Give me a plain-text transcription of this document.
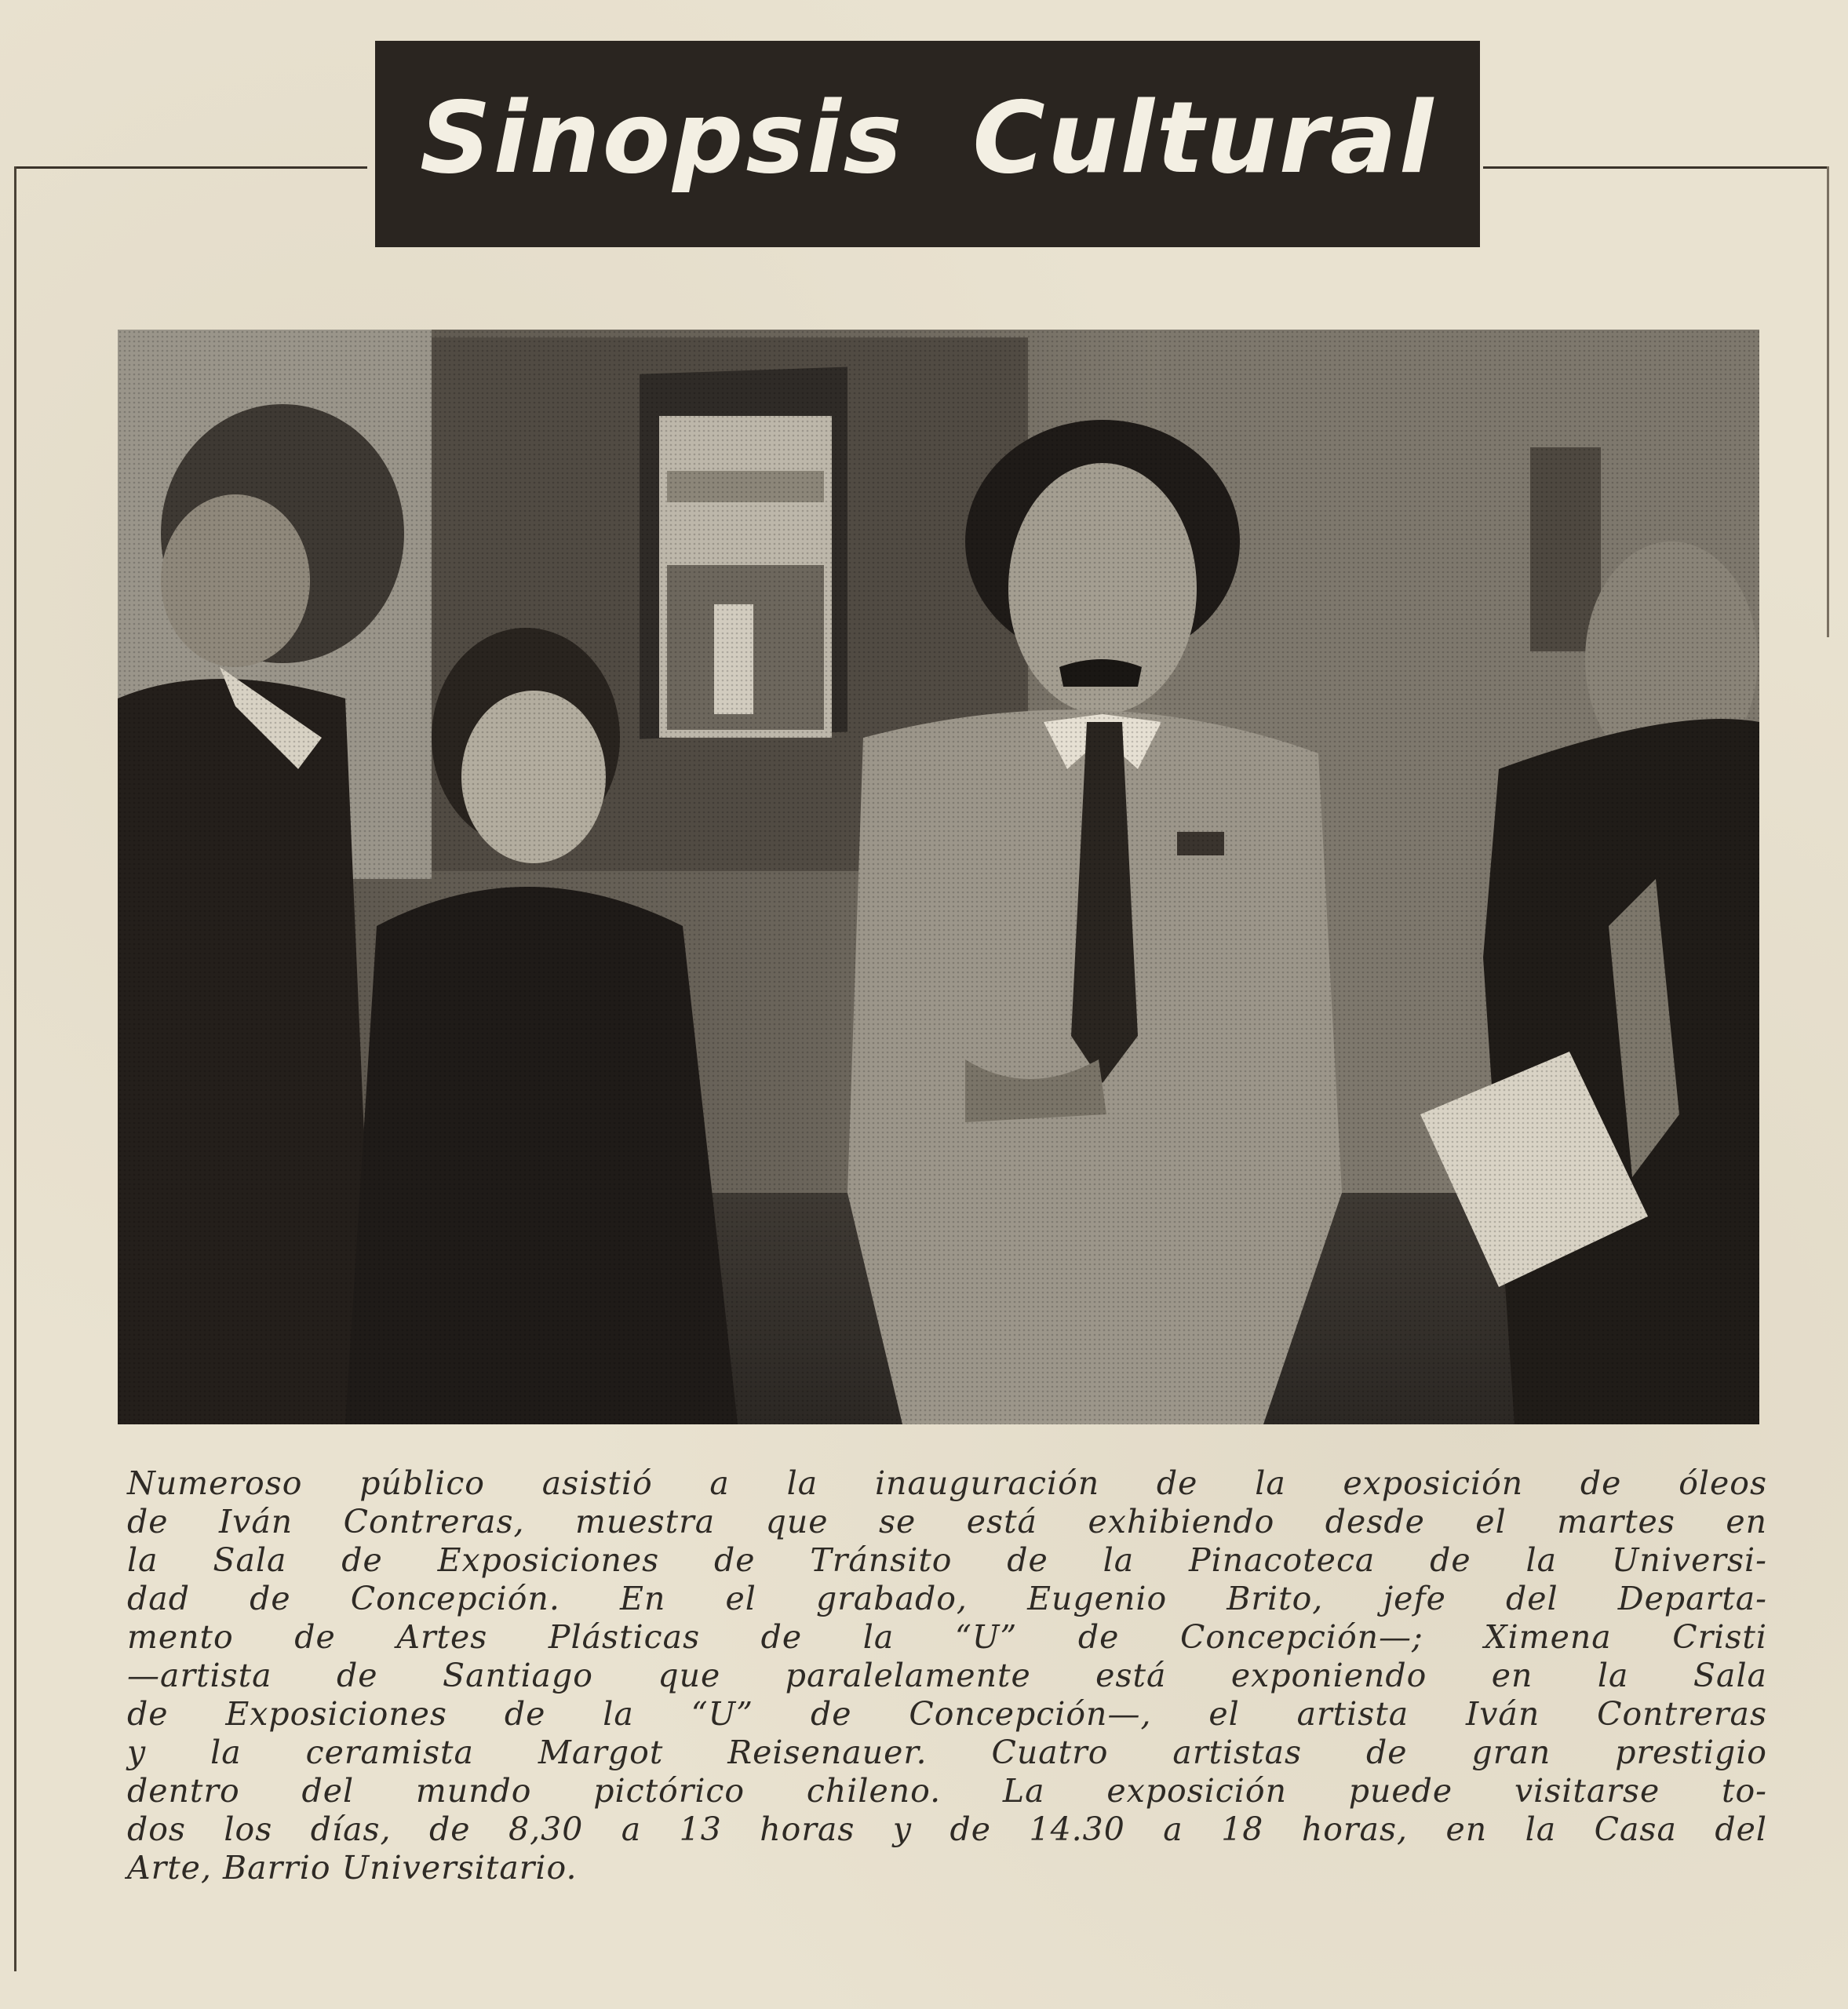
Sinopsis Cultural
Numeroso público asistió a la inauguración de la exposición de óleos
de Iván Contreras, muestra que se está exhibiendo desde el martes en
la Sala de Exposiciones de Tránsito de la Pinacoteca de la Universi-
dad de Concepción. En el grabado, Eugenio Brito, jefe del Departa-
mento de Artes Plásticas de la “U” de Concepción—; Ximena Cristi
—artista de Santiago que paralelamente está exponiendo en la Sala
de Exposiciones de la “U” de Concepción—, el artista Iván Contreras
y la ceramista Margot Reisenauer. Cuatro artistas de gran prestigio
dentro del mundo pictórico chileno. La exposición puede visitarse to-
dos los días, de 8,30 a 13 horas y de 14.30 a 18 horas, en la Casa del
Arte, Barrio Universitario.
